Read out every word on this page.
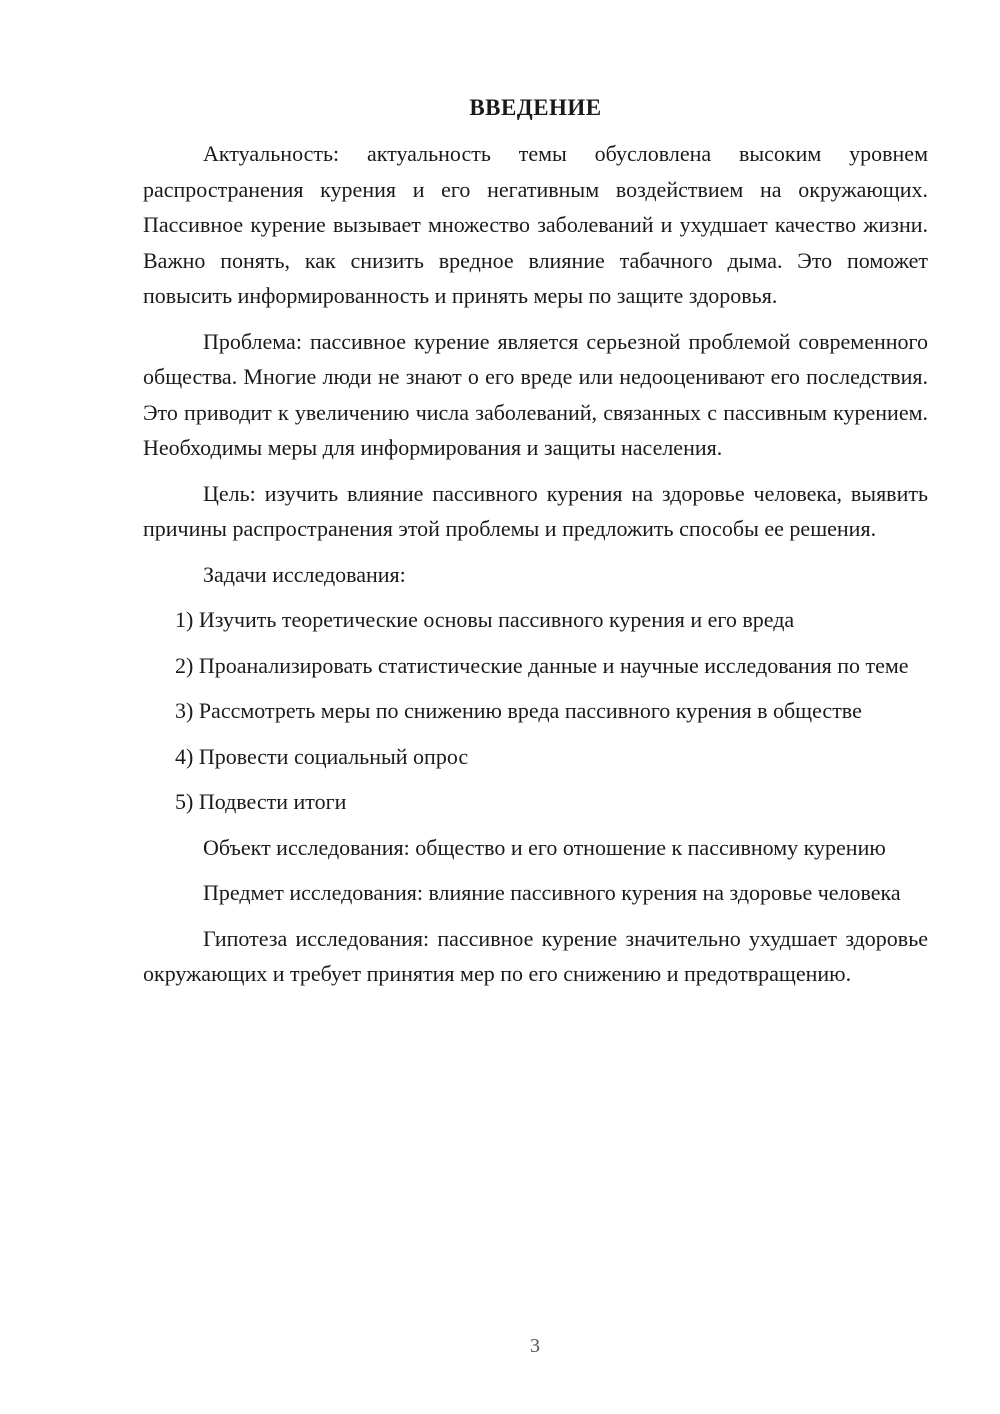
ВВЕДЕНИЕ

Актуальность: актуальность темы обусловлена высоким уровнем распространения курения и его негативным воздействием на окружающих. Пассивное курение вызывает множество заболеваний и ухудшает качество жизни. Важно понять, как снизить вредное влияние табачного дыма. Это поможет повысить информированность и принять меры по защите здоровья.

Проблема: пассивное курение является серьезной проблемой современного общества. Многие люди не знают о его вреде или недооценивают его последствия. Это приводит к увеличению числа заболеваний, связанных с пассивным курением. Необходимы меры для информирования и защиты населения.

Цель: изучить влияние пассивного курения на здоровье человека, выявить причины распространения этой проблемы и предложить способы ее решения.

Задачи исследования:

1) Изучить теоретические основы пассивного курения и его вреда

2) Проанализировать статистические данные и научные исследования по теме

3) Рассмотреть меры по снижению вреда пассивного курения в обществе

4) Провести социальный опрос

5) Подвести итоги

Объект исследования: общество и его отношение к пассивному курению

Предмет исследования: влияние пассивного курения на здоровье человека

Гипотеза исследования: пассивное курение значительно ухудшает здоровье окружающих и требует принятия мер по его снижению и предотвращению.

3
